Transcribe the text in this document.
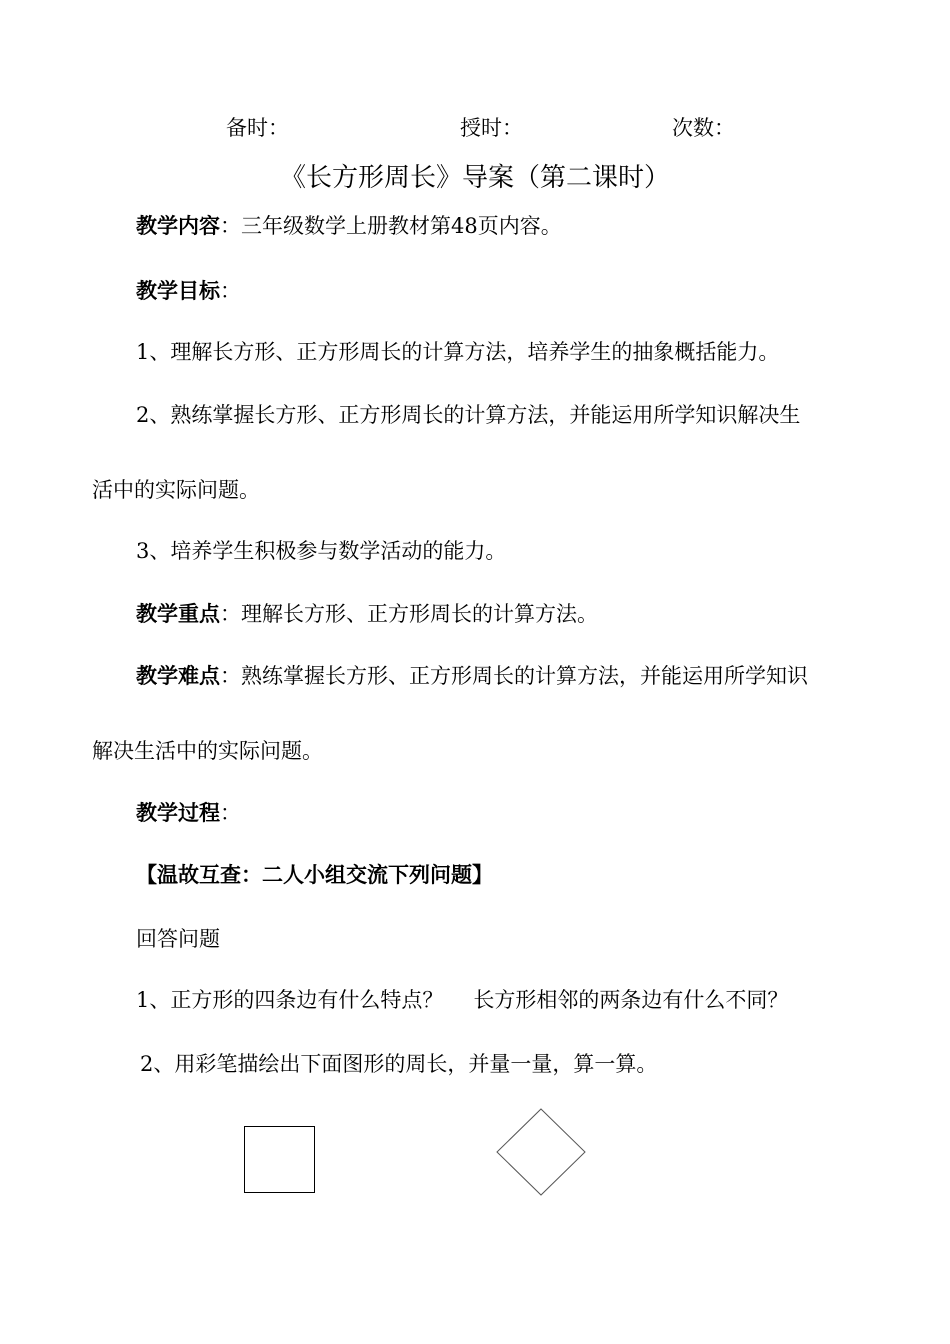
备时：	授时：	次数：
《长方形周长》导案（第二课时）
教学内容：三年级数学上册教材第48页内容。
教学目标：
1、理解长方形、正方形周长的计算方法，培养学生的抽象概括能力。
2、熟练掌握长方形、正方形周长的计算方法，并能运用所学知识解决生
活中的实际问题。
3、培养学生积极参与数学活动的能力。
教学重点：理解长方形、正方形周长的计算方法。
教学难点：熟练掌握长方形、正方形周长的计算方法，并能运用所学知识
解决生活中的实际问题。
教学过程：
【温故互查：二人小组交流下列问题】
回答问题
1、正方形的四条边有什么特点？ 长方形相邻的两条边有什么不同？
2、用彩笔描绘出下面图形的周长，并量一量，算一算。
